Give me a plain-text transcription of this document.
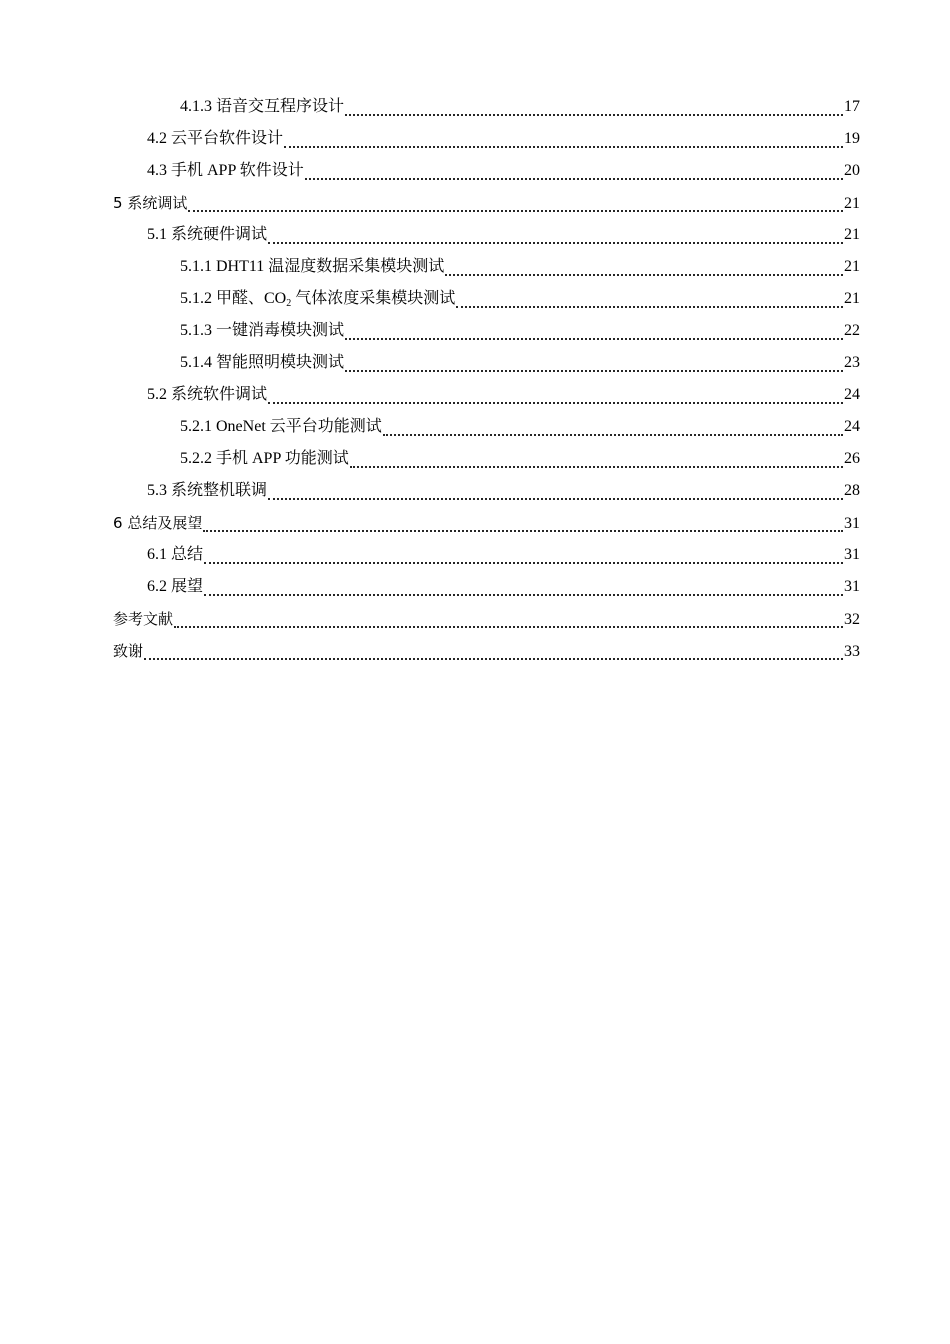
4.1.3 语音交互程序设计	17
4.2 云平台软件设计	19
4.3 手机 APP 软件设计	20
5 系统调试	21
5.1 系统硬件调试	21
5.1.1 DHT11 温湿度数据采集模块测试	21
5.1.2 甲醛、$CO_2$ 气体浓度采集模块测试	21
5.1.3 一键消毒模块测试	22
5.1.4 智能照明模块测试	23
5.2 系统软件调试	24
5.2.1 OneNet 云平台功能测试	24
5.2.2 手机 APP 功能测试	26
5.3 系统整机联调	28
6 总结及展望	31
6.1 总结	31
6.2 展望	31
参考文献	32
致谢	33
